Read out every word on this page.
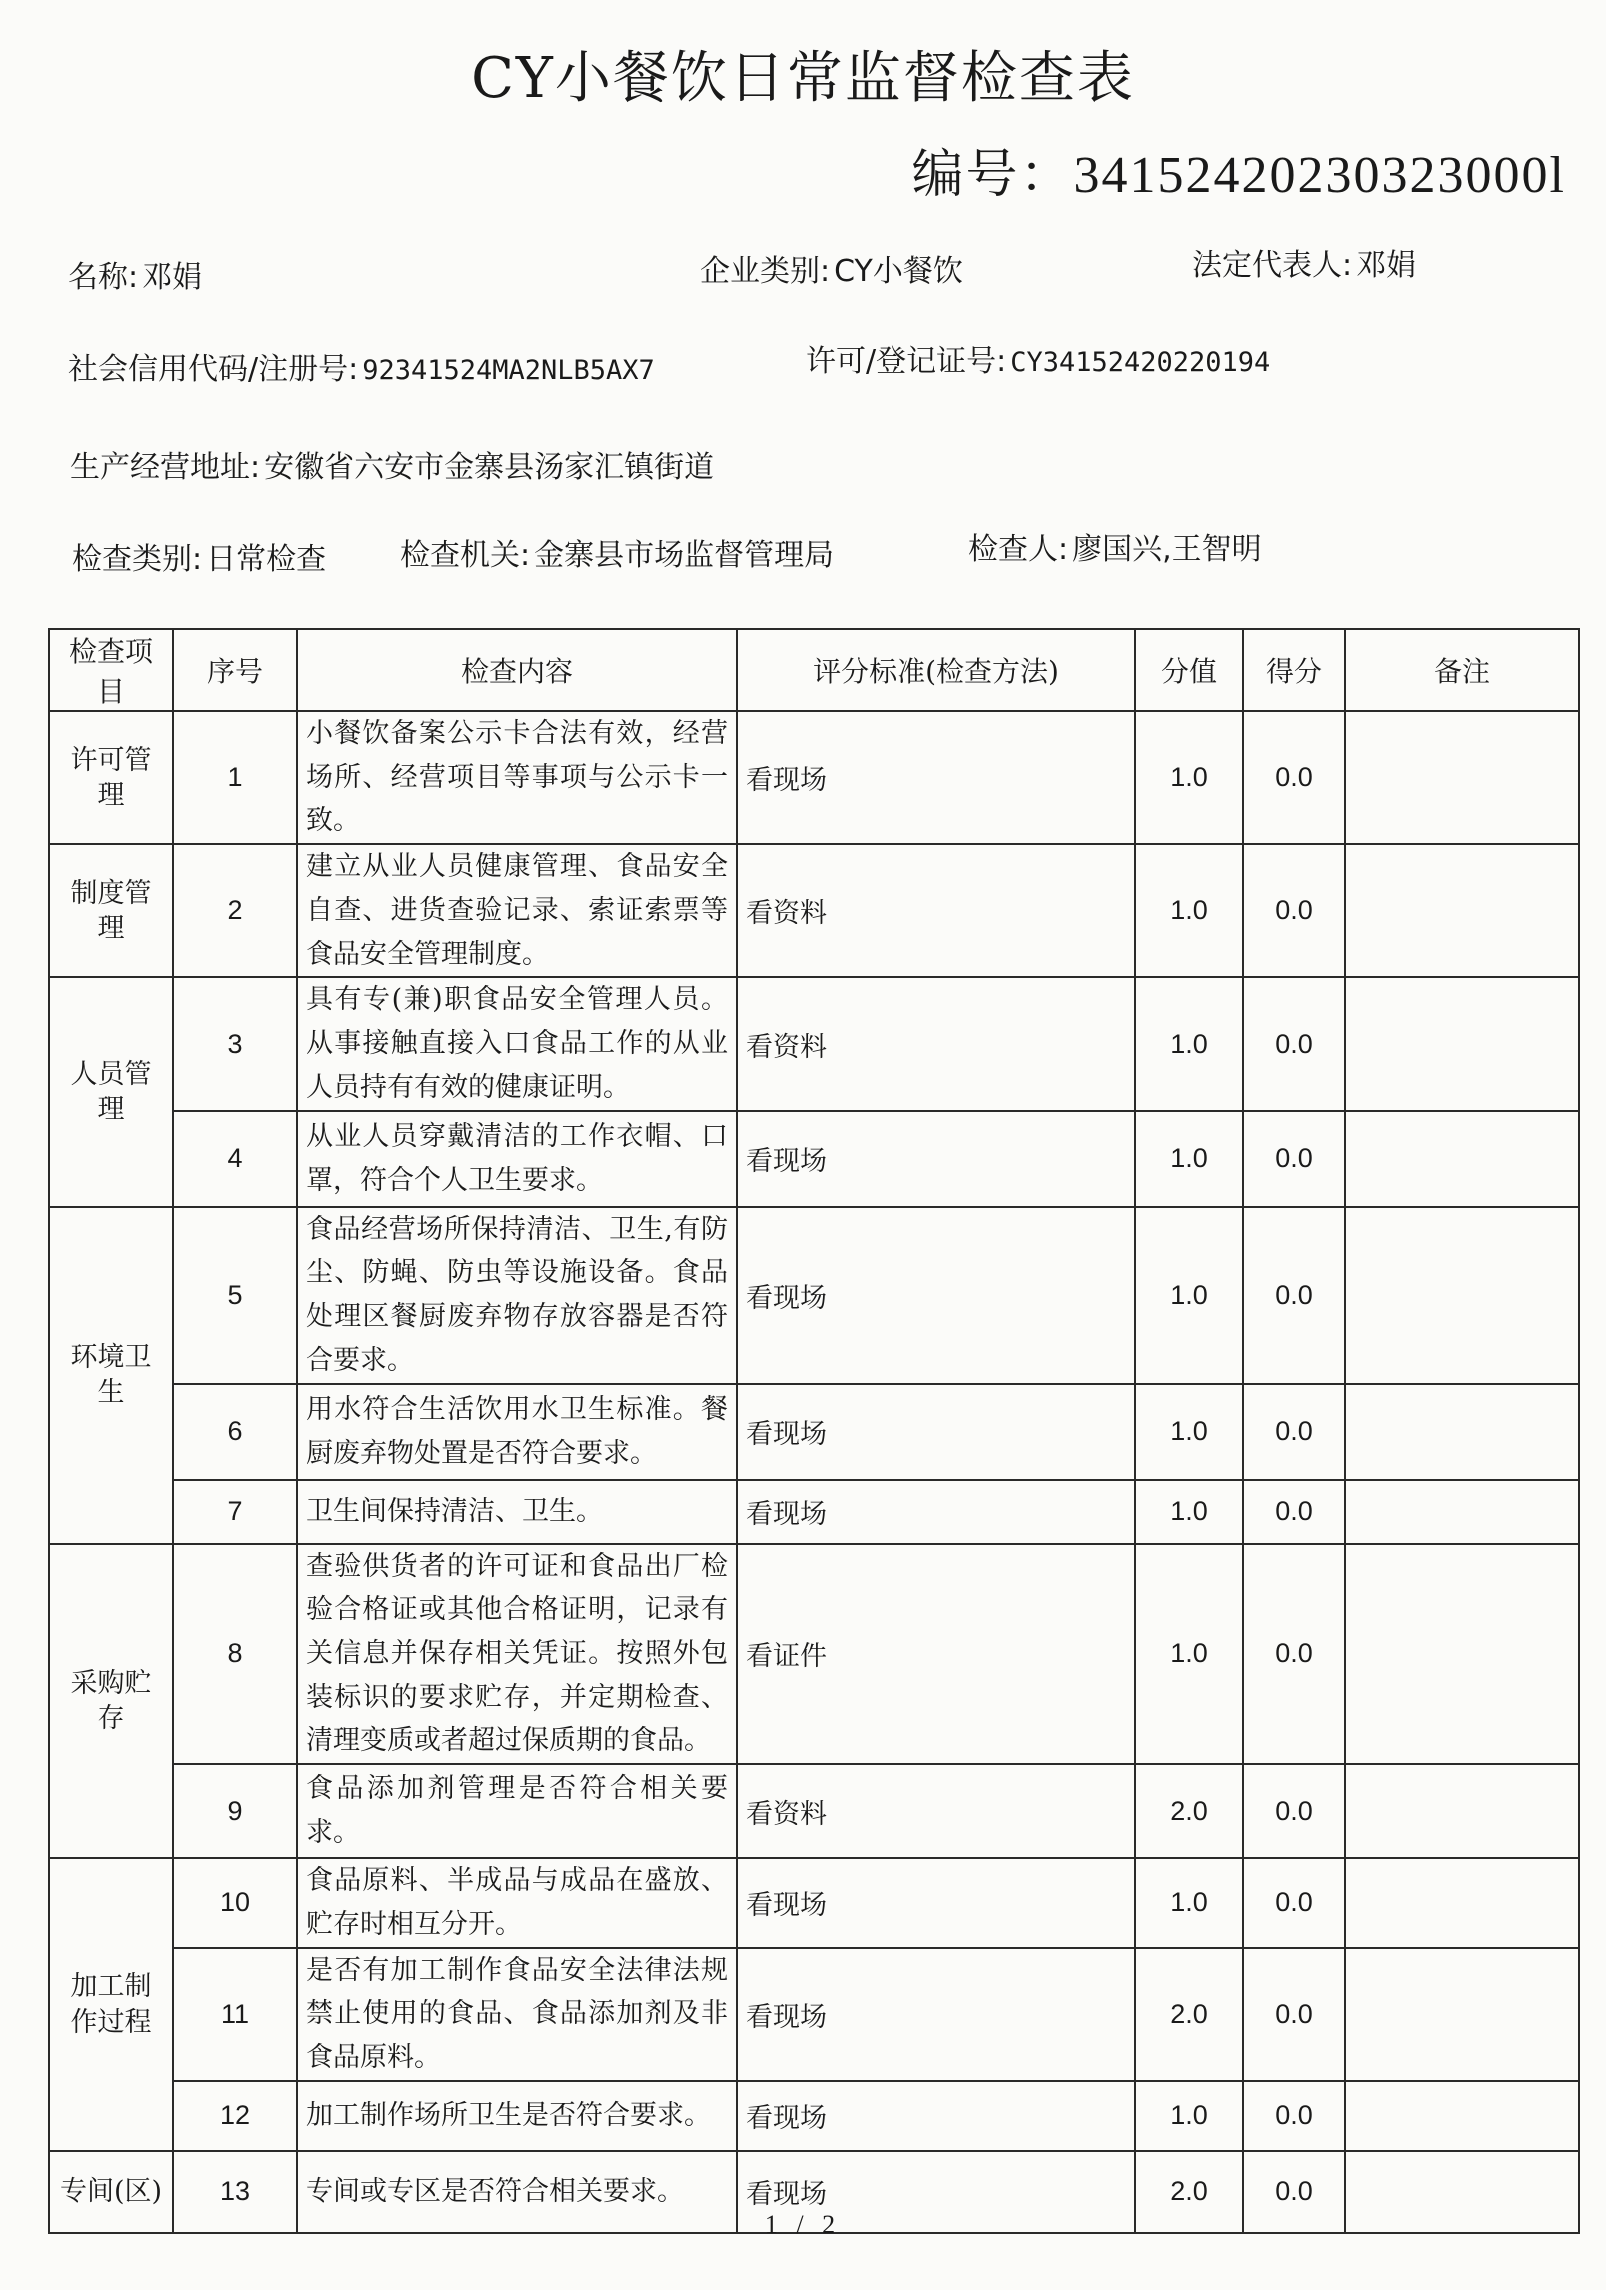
CY小餐饮日常监督检查表
编号：34152420230323000l
名称: 邓娟	企业类别: CY小餐饮	法定代表人: 邓娟
社会信用代码/注册号: 92341524MA2NLB5AX7	许可/登记证号: CY34152420220194
生产经营地址: 安徽省六安市金寨县汤家汇镇街道
检查类别: 日常检查 检查机关: 金寨县市场监督管理局	检查人: 廖国兴,王智明
检查项目	序号	检查内容	评分标准(检查方法)	分值	得分	备注
许可管理	1	小餐饮备案公示卡合法有效，经营场所、经营项目等事项与公示卡一致。	看现场	1.0	0.0	
制度管理	2	建立从业人员健康管理、食品安全自查、进货查验记录、索证索票等食品安全管理制度。	看资料	1.0	0.0	
人员管理	3	具有专(兼)职食品安全管理人员。从事接触直接入口食品工作的从业人员持有有效的健康证明。	看资料	1.0	0.0	
	4	从业人员穿戴清洁的工作衣帽、口罩，符合个人卫生要求。	看现场	1.0	0.0	
环境卫生	5	食品经营场所保持清洁、卫生,有防尘、防蝇、防虫等设施设备。食品处理区餐厨废弃物存放容器是否符合要求。	看现场	1.0	0.0	
	6	用水符合生活饮用水卫生标准。餐厨废弃物处置是否符合要求。	看现场	1.0	0.0	
	7	卫生间保持清洁、卫生。	看现场	1.0	0.0	
采购贮存	8	查验供货者的许可证和食品出厂检验合格证或其他合格证明，记录有关信息并保存相关凭证。按照外包装标识的要求贮存，并定期检查、清理变质或者超过保质期的食品。	看证件	1.0	0.0	
	9	食品添加剂管理是否符合相关要求。	看资料	2.0	0.0	
加工制作过程	10	食品原料、半成品与成品在盛放、贮存时相互分开。	看现场	1.0	0.0	
	11	是否有加工制作食品安全法律法规禁止使用的食品、食品添加剂及非食品原料。	看现场	2.0	0.0	
	12	加工制作场所卫生是否符合要求。	看现场	1.0	0.0	
专间(区)	13	专间或专区是否符合相关要求。	看现场	2.0	0.0	
1 / 2
